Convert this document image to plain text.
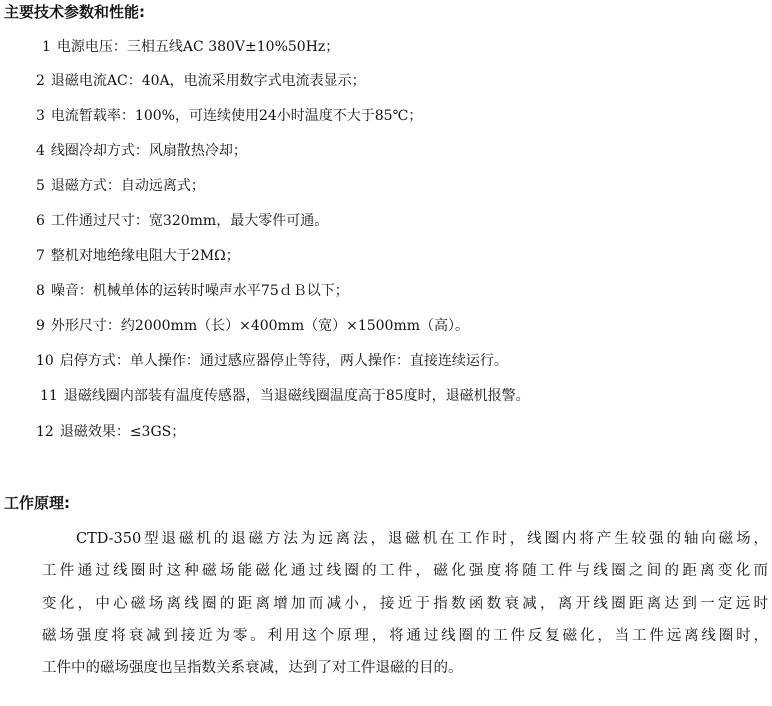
主要技术参数和性能:
1 电源电压：三相五线AC 380V±10%50Hz；
2 退磁电流AC：40A，电流采用数字式电流表显示；
3 电流暂载率：100%，可连续使用24小时温度不大于85℃；
4 线圈冷却方式：风扇散热冷却；
5 退磁方式：自动远离式；
6 工件通过尺寸：宽320mm，最大零件可通。
7 整机对地绝缘电阻大于2MΩ；
8 噪音：机械单体的运转时噪声水平75ｄＢ以下；
9 外形尺寸：约2000mm（长）×400mm（宽）×1500mm（高）。
10 启停方式：单人操作：通过感应器停止等待，两人操作：直接连续运行。
11 退磁线圈内部装有温度传感器，当退磁线圈温度高于85度时，退磁机报警。
12 退磁效果：≤3GS；
工作原理:
CTD-350型退磁机的退磁方法为远离法，退磁机在工作时，线圈内将产生较强的轴向磁场，
工件通过线圈时这种磁场能磁化通过线圈的工件，磁化强度将随工件与线圈之间的距离变化而
变化，中心磁场离线圈的距离增加而减小，接近于指数函数衰减，离开线圈距离达到一定远时
磁场强度将衰减到接近为零。利用这个原理，将通过线圈的工件反复磁化，当工件远离线圈时，
工件中的磁场强度也呈指数关系衰减，达到了对工件退磁的目的。
